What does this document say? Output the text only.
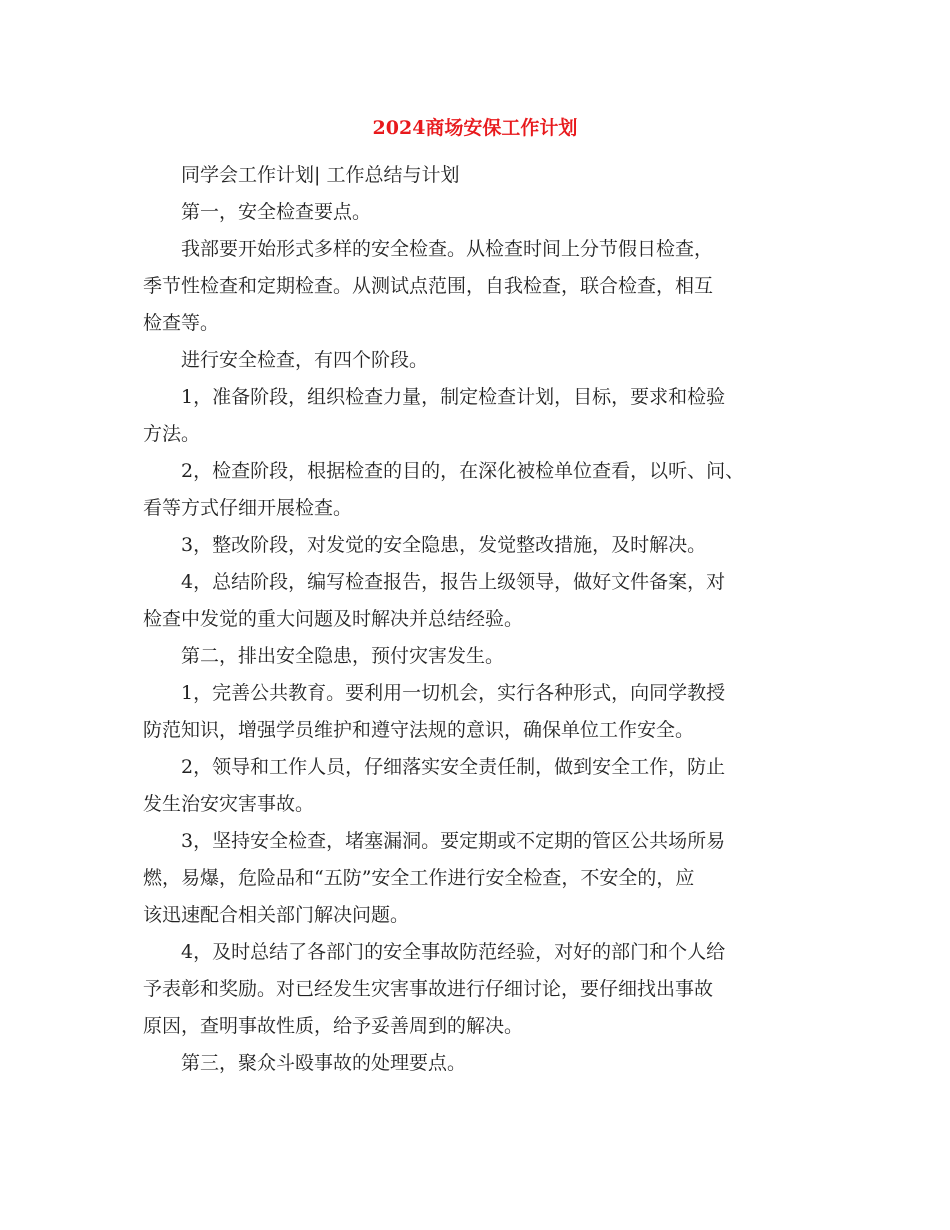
2024商场安保工作计划

同学会工作计划| 工作总结与计划

第一，安全检查要点。

我部要开始形式多样的安全检查。从检查时间上分节假日检查，
季节性检查和定期检查。从测试点范围，自我检查，联合检查，相互
检查等。

进行安全检查，有四个阶段。

1，准备阶段，组织检查力量，制定检查计划，目标，要求和检验
方法。

2，检查阶段，根据检查的目的，在深化被检单位查看，以听、问、
看等方式仔细开展检查。

3，整改阶段，对发觉的安全隐患，发觉整改措施，及时解决。

4，总结阶段，编写检查报告，报告上级领导，做好文件备案，对
检查中发觉的重大问题及时解决并总结经验。

第二，排出安全隐患，预付灾害发生。

1，完善公共教育。要利用一切机会，实行各种形式，向同学教授
防范知识，增强学员维护和遵守法规的意识，确保单位工作安全。

2，领导和工作人员，仔细落实安全责任制，做到安全工作，防止
发生治安灾害事故。

3，坚持安全检查，堵塞漏洞。要定期或不定期的管区公共场所易
燃，易爆，危险品和“五防”安全工作进行安全检查，不安全的，应
该迅速配合相关部门解决问题。

4，及时总结了各部门的安全事故防范经验，对好的部门和个人给
予表彰和奖励。对已经发生灾害事故进行仔细讨论，要仔细找出事故
原因，查明事故性质，给予妥善周到的解决。

第三，聚众斗殴事故的处理要点。
